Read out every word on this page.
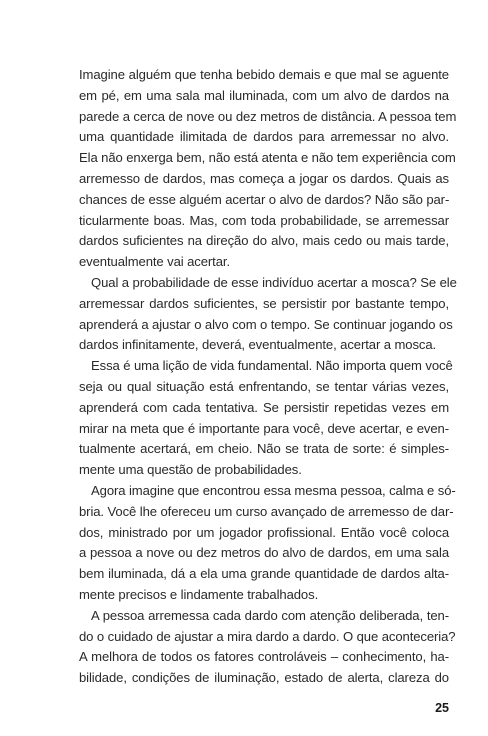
Imagine alguém que tenha bebido demais e que mal se aguente
em pé, em uma sala mal iluminada, com um alvo de dardos na
parede a cerca de nove ou dez metros de distância. A pessoa tem
uma quantidade ilimitada de dardos para arremessar no alvo.
Ela não enxerga bem, não está atenta e não tem experiência com
arremesso de dardos, mas começa a jogar os dardos. Quais as
chances de esse alguém acertar o alvo de dardos? Não são par-
ticularmente boas. Mas, com toda probabilidade, se arremessar
dardos suficientes na direção do alvo, mais cedo ou mais tarde,
eventualmente vai acertar.
Qual a probabilidade de esse indivíduo acertar a mosca? Se ele
arremessar dardos suficientes, se persistir por bastante tempo,
aprenderá a ajustar o alvo com o tempo. Se continuar jogando os
dardos infinitamente, deverá, eventualmente, acertar a mosca.
Essa é uma lição de vida fundamental. Não importa quem você
seja ou qual situação está enfrentando, se tentar várias vezes,
aprenderá com cada tentativa. Se persistir repetidas vezes em
mirar na meta que é importante para você, deve acertar, e even-
tualmente acertará, em cheio. Não se trata de sorte: é simples-
mente uma questão de probabilidades.
Agora imagine que encontrou essa mesma pessoa, calma e só-
bria. Você lhe ofereceu um curso avançado de arremesso de dar-
dos, ministrado por um jogador profissional. Então você coloca
a pessoa a nove ou dez metros do alvo de dardos, em uma sala
bem iluminada, dá a ela uma grande quantidade de dardos alta-
mente precisos e lindamente trabalhados.
A pessoa arremessa cada dardo com atenção deliberada, ten-
do o cuidado de ajustar a mira dardo a dardo. O que aconteceria?
A melhora de todos os fatores controláveis – conhecimento, ha-
bilidade, condições de iluminação, estado de alerta, clareza do
25
